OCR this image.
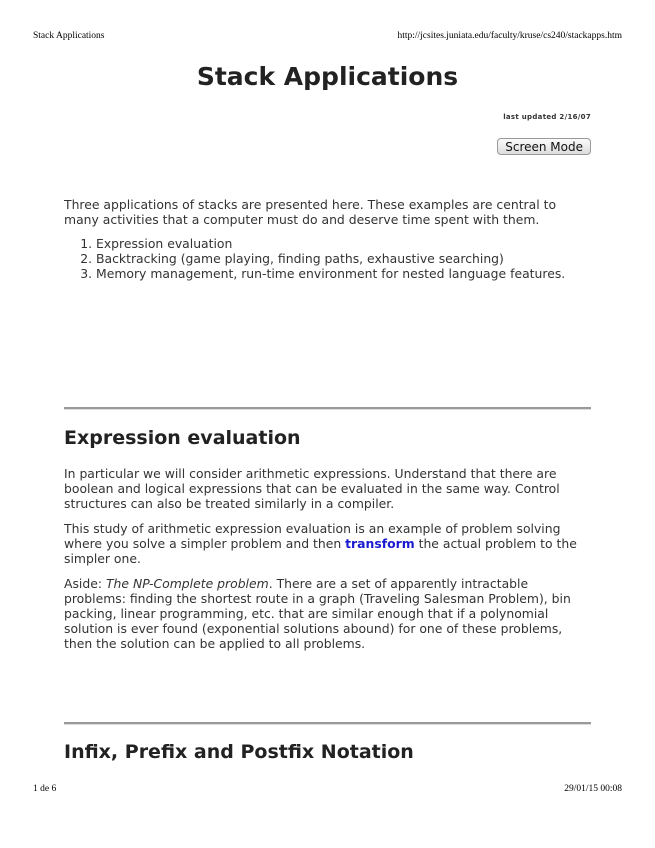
Stack Applications	http://jcsites.juniata.edu/faculty/kruse/cs240/stackapps.htm
Stack Applications
last updated 2/16/07
Screen Mode

Three applications of stacks are presented here. These examples are central to many activities that a computer must do and deserve time spent with them.

1. Expression evaluation
2. Backtracking (game playing, finding paths, exhaustive searching)
3. Memory management, run-time environment for nested language features.
Expression evaluation

In particular we will consider arithmetic expressions. Understand that there are boolean and logical expressions that can be evaluated in the same way. Control structures can also be treated similarly in a compiler.

This study of arithmetic expression evaluation is an example of problem solving where you solve a simpler problem and then transform the actual problem to the simpler one.

Aside: The NP-Complete problem. There are a set of apparently intractable problems: finding the shortest route in a graph (Traveling Salesman Problem), bin packing, linear programming, etc. that are similar enough that if a polynomial solution is ever found (exponential solutions abound) for one of these problems, then the solution can be applied to all problems.

Infix, Prefix and Postfix Notation
1 de 6	29/01/15 00:08
